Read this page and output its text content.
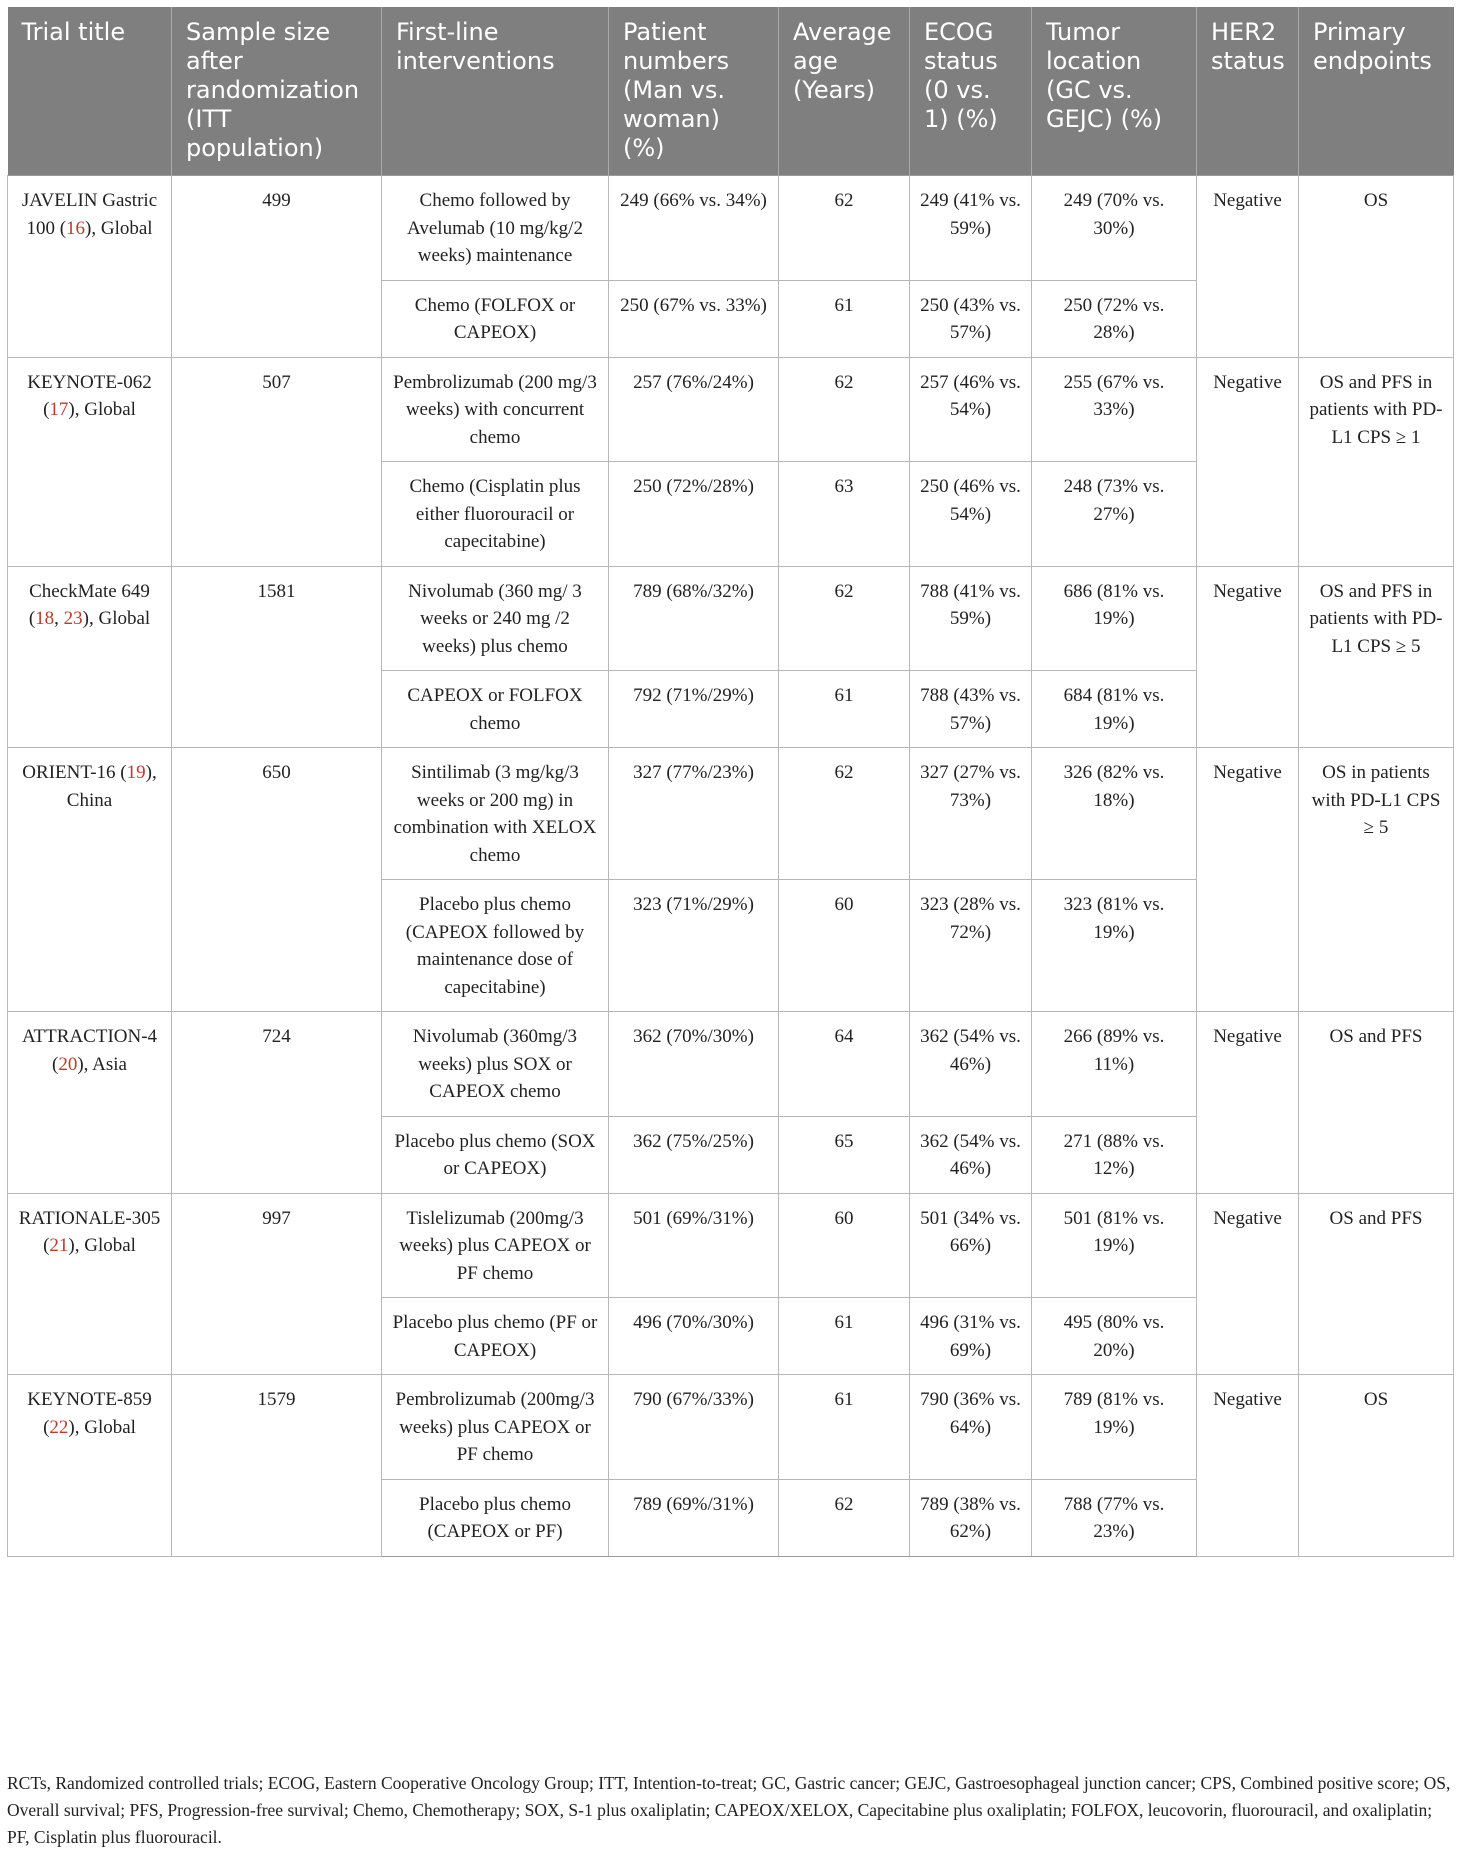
Trial title	Sample size after randomization (ITT population)	First-line interventions	Patient numbers (Man vs. woman) (%)	Average age (Years)	ECOG status (0 vs. 1) (%)	Tumor location (GC vs. GEJC) (%)	HER2 status	Primary endpoints
JAVELIN Gastric 100 (16), Global	499	Chemo followed by Avelumab (10 mg/kg/2 weeks) maintenance	249 (66% vs. 34%)	62	249 (41% vs. 59%)	249 (70% vs. 30%)	Negative	OS
		Chemo (FOLFOX or CAPEOX)	250 (67% vs. 33%)	61	250 (43% vs. 57%)	250 (72% vs. 28%)		
KEYNOTE-062 (17), Global	507	Pembrolizumab (200 mg/3 weeks) with concurrent chemo	257 (76%/24%)	62	257 (46% vs. 54%)	255 (67% vs. 33%)	Negative	OS and PFS in patients with PD-L1 CPS ≥ 1
		Chemo (Cisplatin plus either fluorouracil or capecitabine)	250 (72%/28%)	63	250 (46% vs. 54%)	248 (73% vs. 27%)		
CheckMate 649 (18, 23), Global	1581	Nivolumab (360 mg/ 3 weeks or 240 mg /2 weeks) plus chemo	789 (68%/32%)	62	788 (41% vs. 59%)	686 (81% vs. 19%)	Negative	OS and PFS in patients with PD-L1 CPS ≥ 5
		CAPEOX or FOLFOX chemo	792 (71%/29%)	61	788 (43% vs. 57%)	684 (81% vs. 19%)		
ORIENT-16 (19), China	650	Sintilimab (3 mg/kg/3 weeks or 200 mg) in combination with XELOX chemo	327 (77%/23%)	62	327 (27% vs. 73%)	326 (82% vs. 18%)	Negative	OS in patients with PD-L1 CPS ≥ 5
		Placebo plus chemo (CAPEOX followed by maintenance dose of capecitabine)	323 (71%/29%)	60	323 (28% vs. 72%)	323 (81% vs. 19%)		
ATTRACTION-4 (20), Asia	724	Nivolumab (360mg/3 weeks) plus SOX or CAPEOX chemo	362 (70%/30%)	64	362 (54% vs. 46%)	266 (89% vs. 11%)	Negative	OS and PFS
		Placebo plus chemo (SOX or CAPEOX)	362 (75%/25%)	65	362 (54% vs. 46%)	271 (88% vs. 12%)		
RATIONALE-305 (21), Global	997	Tislelizumab (200mg/3 weeks) plus CAPEOX or PF chemo	501 (69%/31%)	60	501 (34% vs. 66%)	501 (81% vs. 19%)	Negative	OS and PFS
		Placebo plus chemo (PF or CAPEOX)	496 (70%/30%)	61	496 (31% vs. 69%)	495 (80% vs. 20%)		
KEYNOTE-859 (22), Global	1579	Pembrolizumab (200mg/3 weeks) plus CAPEOX or PF chemo	790 (67%/33%)	61	790 (36% vs. 64%)	789 (81% vs. 19%)	Negative	OS
		Placebo plus chemo (CAPEOX or PF)	789 (69%/31%)	62	789 (38% vs. 62%)	788 (77% vs. 23%)		
RCTs, Randomized controlled trials; ECOG, Eastern Cooperative Oncology Group; ITT, Intention-to-treat; GC, Gastric cancer; GEJC, Gastroesophageal junction cancer; CPS, Combined positive score; OS, Overall survival; PFS, Progression-free survival; Chemo, Chemotherapy; SOX, S-1 plus oxaliplatin; CAPEOX/XELOX, Capecitabine plus oxaliplatin; FOLFOX, leucovorin, fluorouracil, and oxaliplatin; PF, Cisplatin plus fluorouracil.
